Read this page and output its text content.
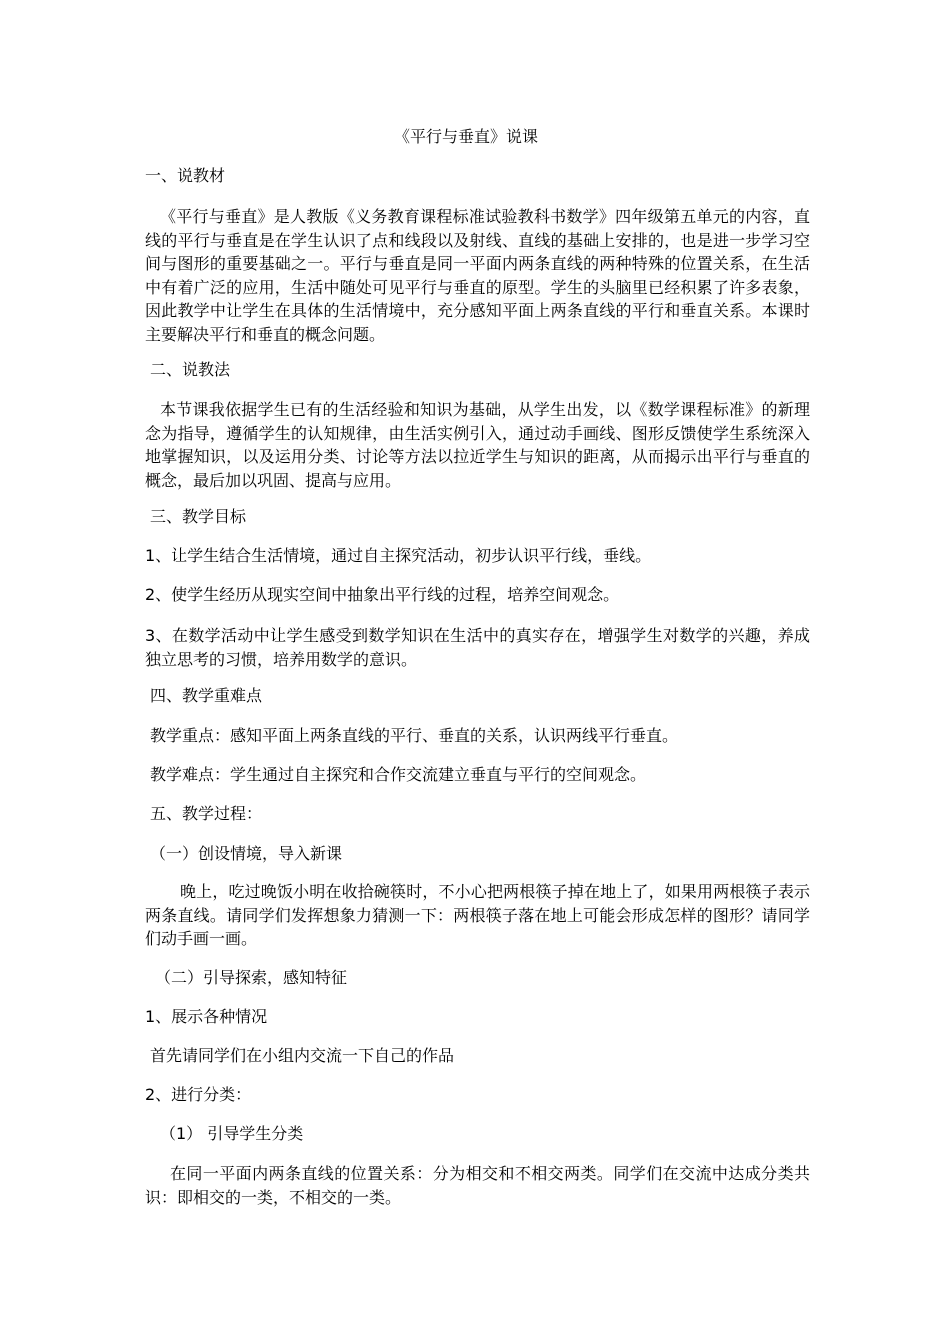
《平行与垂直》说课
一、说教材
《平行与垂直》是人教版《义务教育课程标准试验教科书数学》四年级第五单元的内容，直线的平行与垂直是在学生认识了点和线段以及射线、直线的基础上安排的，也是进一步学习空间与图形的重要基础之一。平行与垂直是同一平面内两条直线的两种特殊的位置关系，在生活中有着广泛的应用，生活中随处可见平行与垂直的原型。学生的头脑里已经积累了许多表象，因此教学中让学生在具体的生活情境中，充分感知平面上两条直线的平行和垂直关系。本课时主要解决平行和垂直的概念问题。
二、说教法
本节课我依据学生已有的生活经验和知识为基础，从学生出发，以《数学课程标准》的新理念为指导，遵循学生的认知规律，由生活实例引入，通过动手画线、图形反馈使学生系统深入地掌握知识，以及运用分类、讨论等方法以拉近学生与知识的距离，从而揭示出平行与垂直的概念，最后加以巩固、提高与应用。
三、教学目标
1、让学生结合生活情境，通过自主探究活动，初步认识平行线，垂线。
2、使学生经历从现实空间中抽象出平行线的过程，培养空间观念。
3、在数学活动中让学生感受到数学知识在生活中的真实存在，增强学生对数学的兴趣，养成独立思考的习惯，培养用数学的意识。
四、教学重难点
教学重点：感知平面上两条直线的平行、垂直的关系，认识两线平行垂直。
教学难点：学生通过自主探究和合作交流建立垂直与平行的空间观念。
五、教学过程：
（一）创设情境，导入新课
晚上，吃过晚饭小明在收拾碗筷时，不小心把两根筷子掉在地上了，如果用两根筷子表示两条直线。请同学们发挥想象力猜测一下：两根筷子落在地上可能会形成怎样的图形？请同学们动手画一画。
（二）引导探索，感知特征
1、展示各种情况
首先请同学们在小组内交流一下自己的作品
2、进行分类：
（1） 引导学生分类
在同一平面内两条直线的位置关系：分为相交和不相交两类。同学们在交流中达成分类共识：即相交的一类，不相交的一类。
